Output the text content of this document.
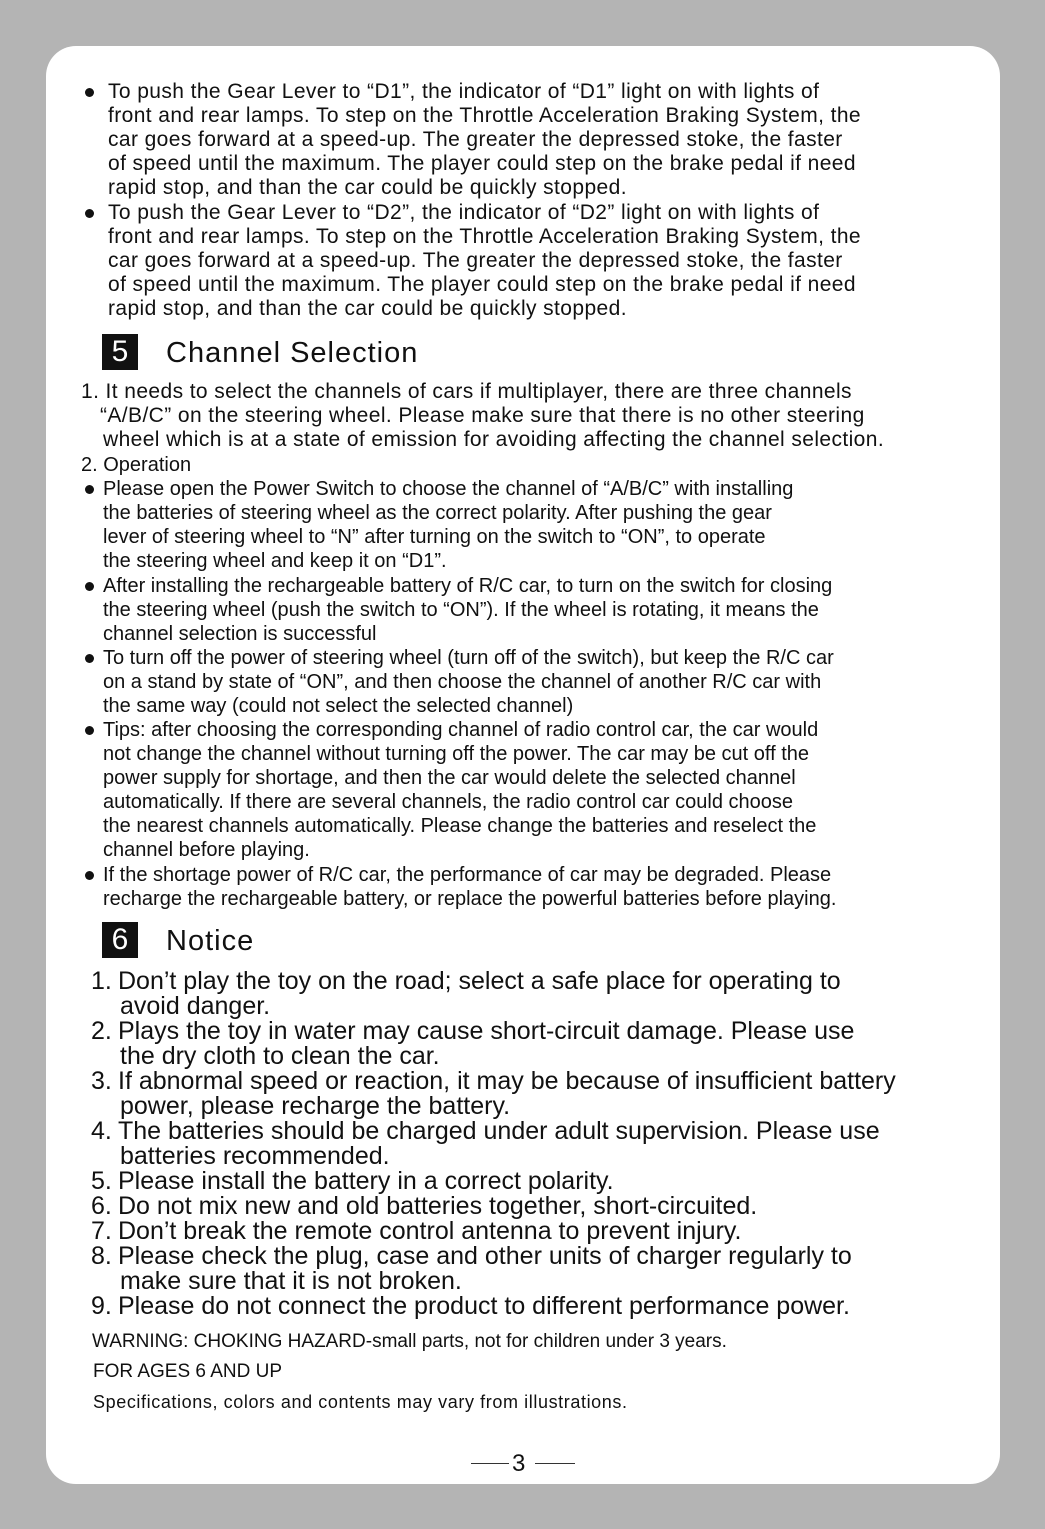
To push the Gear Lever to “D1”, the indicator of “D1” light on with lights of
front and rear lamps. To step on the Throttle Acceleration Braking System, the
car goes forward at a speed-up. The greater the depressed stoke, the faster
of speed until the maximum. The player could step on the brake pedal if need
rapid stop, and than the car could be quickly stopped.
To push the Gear Lever to “D2”, the indicator of “D2” light on with lights of
front and rear lamps. To step on the Throttle Acceleration Braking System, the
car goes forward at a speed-up. The greater the depressed stoke, the faster
of speed until the maximum. The player could step on the brake pedal if need
rapid stop, and than the car could be quickly stopped.
5	Channel Selection
1. It needs to select the channels of cars if multiplayer, there are three channels
“A/B/C” on the steering wheel. Please make sure that there is no other steering
wheel which is at a state of emission for avoiding affecting the channel selection.
2. Operation
Please open the Power Switch to choose the channel of “A/B/C” with installing
the batteries of steering wheel as the correct polarity. After pushing the gear
lever of steering wheel to “N” after turning on the switch to “ON”, to operate
the steering wheel and keep it on “D1”.
After installing the rechargeable battery of R/C car, to turn on the switch for closing
the steering wheel (push the switch to “ON”). If the wheel is rotating, it means the
channel selection is successful
To turn off the power of steering wheel (turn off of the switch), but keep the R/C car
on a stand by state of “ON”, and then choose the channel of another R/C car with
the same way (could not select the selected channel)
Tips: after choosing the corresponding channel of radio control car, the car would
not change the channel without turning off the power. The car may be cut off the
power supply for shortage, and then the car would delete the selected channel
automatically. If there are several channels, the radio control car could choose
the nearest channels automatically. Please change the batteries and reselect the
channel before playing.
If the shortage power of R/C car, the performance of car may be degraded. Please
recharge the rechargeable battery, or replace the powerful batteries before playing.
6	Notice
1. Don’t play the toy on the road; select a safe place for operating to
avoid danger.
2. Plays the toy in water may cause short-circuit damage. Please use
the dry cloth to clean the car.
3. If abnormal speed or reaction, it may be because of insufficient battery
power, please recharge the battery.
4. The batteries should be charged under adult supervision. Please use
batteries recommended.
5. Please install the battery in a correct polarity.
6. Do not mix new and old batteries together, short-circuited.
7. Don’t break the remote control antenna to prevent injury.
8. Please check the plug, case and other units of charger regularly to
make sure that it is not broken.
9. Please do not connect the product to different performance power.
WARNING: CHOKING HAZARD-small parts, not for children under 3 years.
FOR AGES 6 AND UP
Specifications, colors and contents may vary from illustrations.
3
